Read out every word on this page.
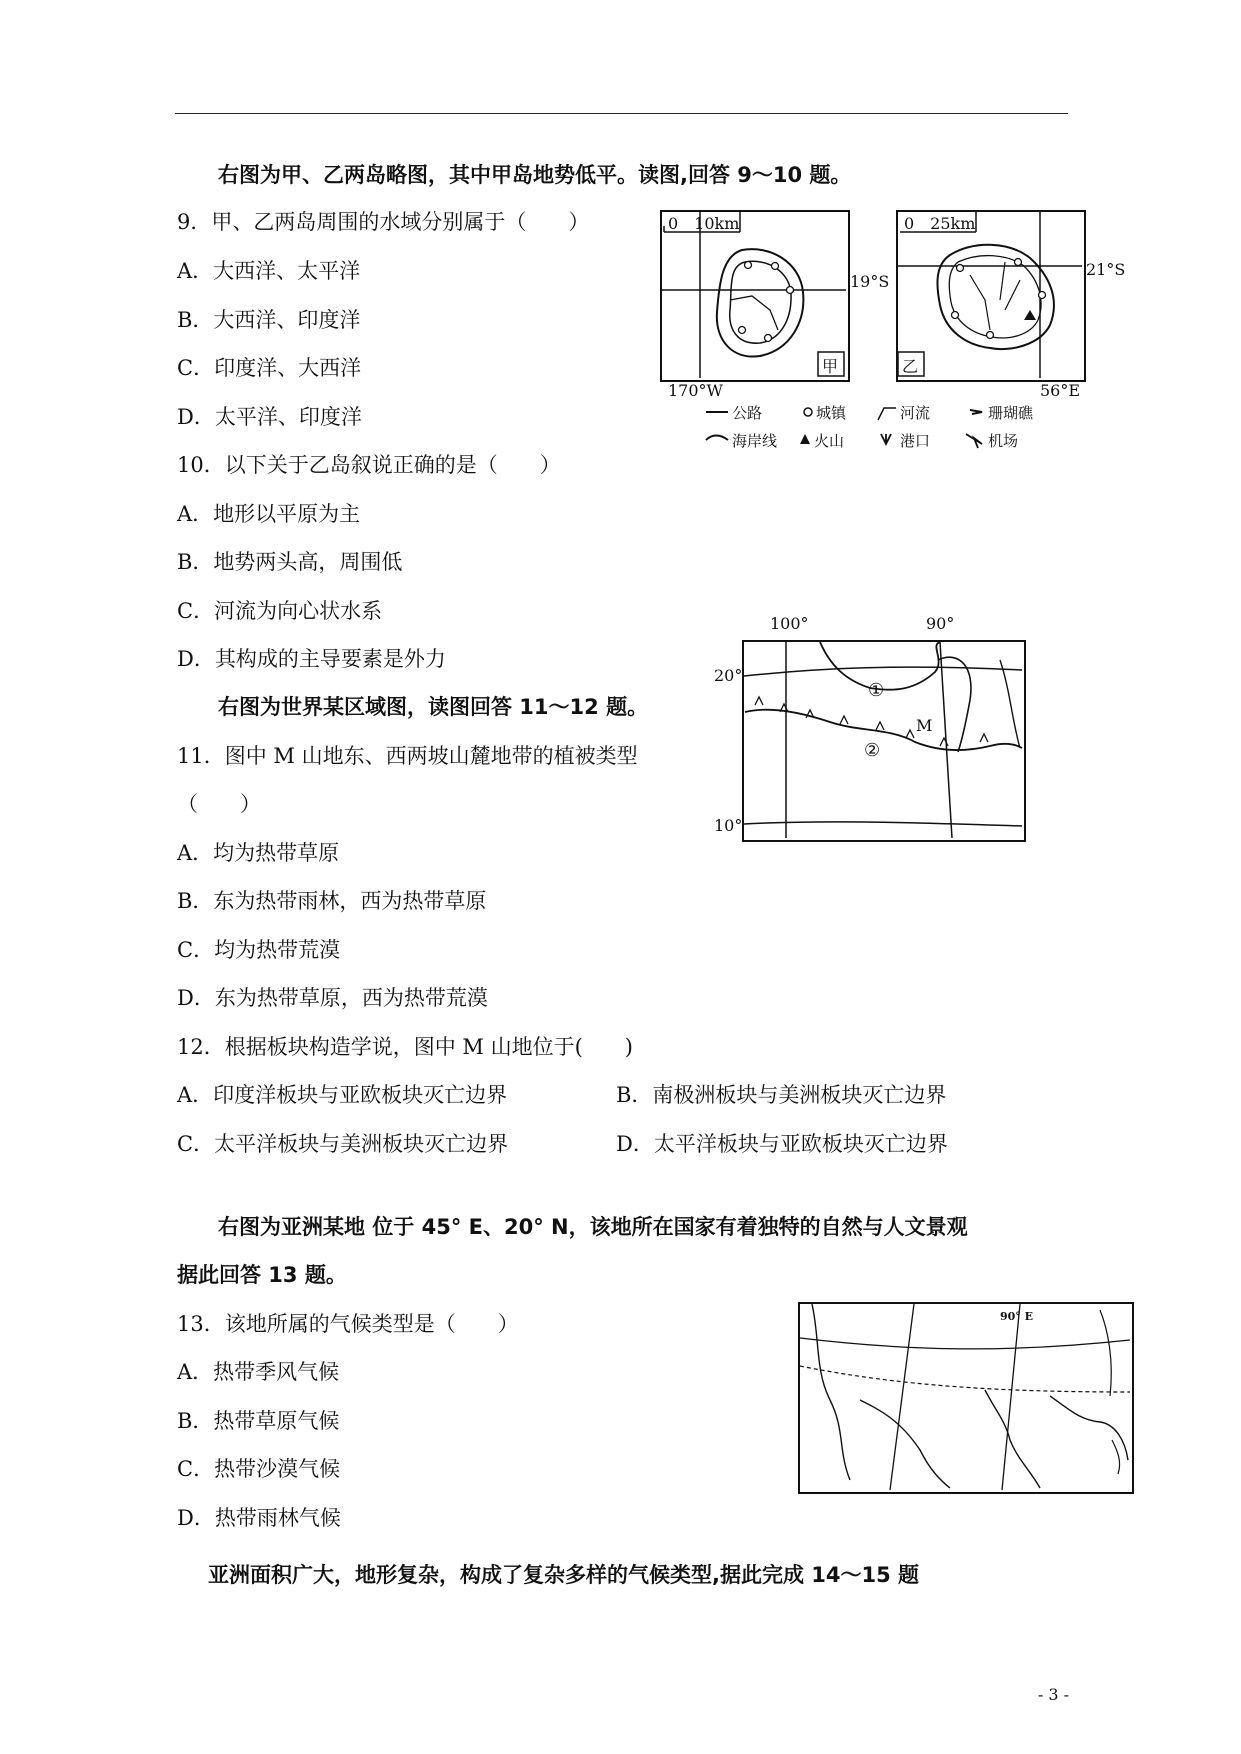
右图为甲、乙两岛略图，其中甲岛地势低平。读图,回答 9～10 题。
9．甲、乙两岛周围的水域分别属于（　　）
A．大西洋、太平洋
B．大西洋、印度洋
C．印度洋、大西洋
D．太平洋、印度洋
10．以下关于乙岛叙说正确的是（　　）
A．地形以平原为主
B．地势两头高，周围低
C．河流为向心状水系
D．其构成的主导要素是外力
0　10km	0　25km
19°S
21°S
甲	乙
170°W	56°E
公路	城镇	河流	珊瑚礁
海岸线 火山	港口	机场
右图为世界某区域图，读图回答 11～12 题。
11．图中 M 山地东、西两坡山麓地带的植被类型
（　　）
A．均为热带草原
B．东为热带雨林，西为热带草原
C．均为热带荒漠
D．东为热带草原，西为热带荒漠
100°	90°
20°
10°
①
②
M
12．根据板块构造学说，图中 M 山地位于(　　)
A．印度洋板块与亚欧板块灭亡边界	B．南极洲板块与美洲板块灭亡边界
C．太平洋板块与美洲板块灭亡边界	D．太平洋板块与亚欧板块灭亡边界
右图为亚洲某地 位于 45° E、20° N，该地所在国家有着独特的自然与人文景观
据此回答 13 题。
13．该地所属的气候类型是（　　）
A．热带季风气候
B．热带草原气候
C．热带沙漠气候
D．热带雨林气候
90° E
亚洲面积广大，地形复杂，构成了复杂多样的气候类型,据此完成 14～15 题
- 3 -
